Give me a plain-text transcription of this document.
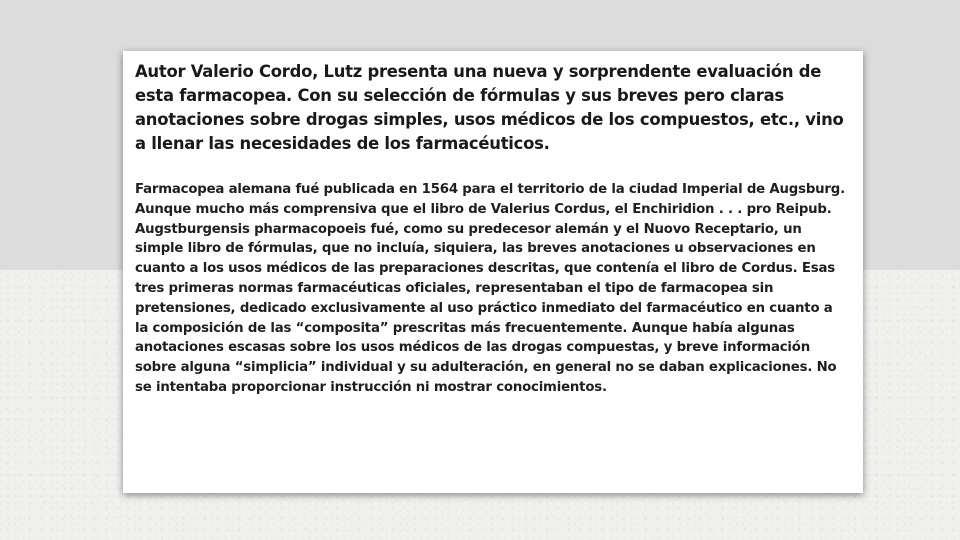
Autor Valerio Cordo, Lutz presenta una nueva y sorprendente evaluación de esta farmacopea. Con su selección de fórmulas y sus breves pero claras anotaciones sobre drogas simples, usos médicos de los compuestos, etc., vino a llenar las necesidades de los farmacéuticos.

Farmacopea alemana fué publicada en 1564 para el territorio de la ciudad Imperial de Augsburg. Aunque mucho más comprensiva que el libro de Valerius Cordus, el Enchiridion . . . pro Reipub. Augstburgensis pharmacopoeis fué, como su predecesor alemán y el Nuovo Receptario, un simple libro de fórmulas, que no incluía, siquiera, las breves anotaciones u observaciones en cuanto a los usos médicos de las preparaciones descritas, que contenía el libro de Cordus. Esas tres primeras normas farmacéuticas oficiales, representaban el tipo de farmacopea sin pretensiones, dedicado exclusivamente al uso práctico inmediato del farmacéutico en cuanto a la composición de las “composita” prescritas más frecuentemente. Aunque había algunas anotaciones escasas sobre los usos médicos de las drogas compuestas, y breve información sobre alguna “simplicia” individual y su adulteración, en general no se daban explicaciones. No se intentaba proporcionar instrucción ni mostrar conocimientos.
